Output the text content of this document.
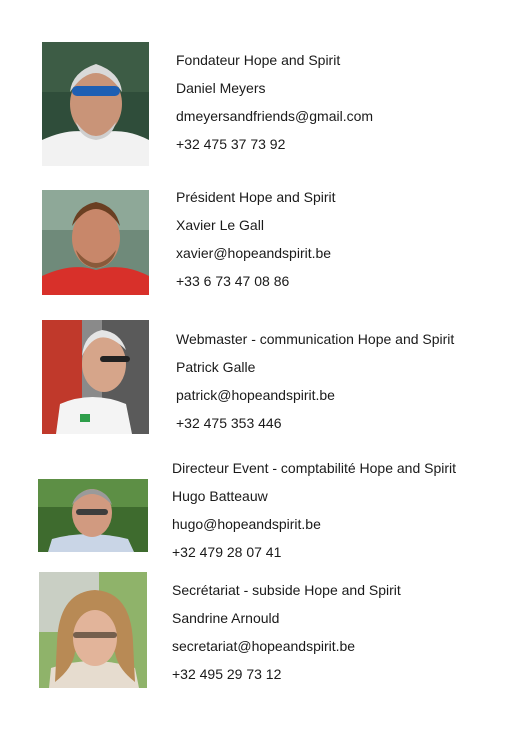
Fondateur Hope and Spirit
Daniel Meyers
dmeyersandfriends@gmail.com
+32 475 37 73 92
Président Hope and Spirit
Xavier Le Gall
xavier@hopeandspirit.be
+33 6 73 47 08 86
Webmaster - communication Hope and Spirit
Patrick Galle
patrick@hopeandspirit.be
+32 475 353 446
Directeur Event - comptabilité Hope and Spirit
Hugo Batteauw
hugo@hopeandspirit.be
+32 479 28 07 41
Secrétariat - subside Hope and Spirit
Sandrine Arnould
secretariat@hopeandspirit.be
+32 495 29 73 12
